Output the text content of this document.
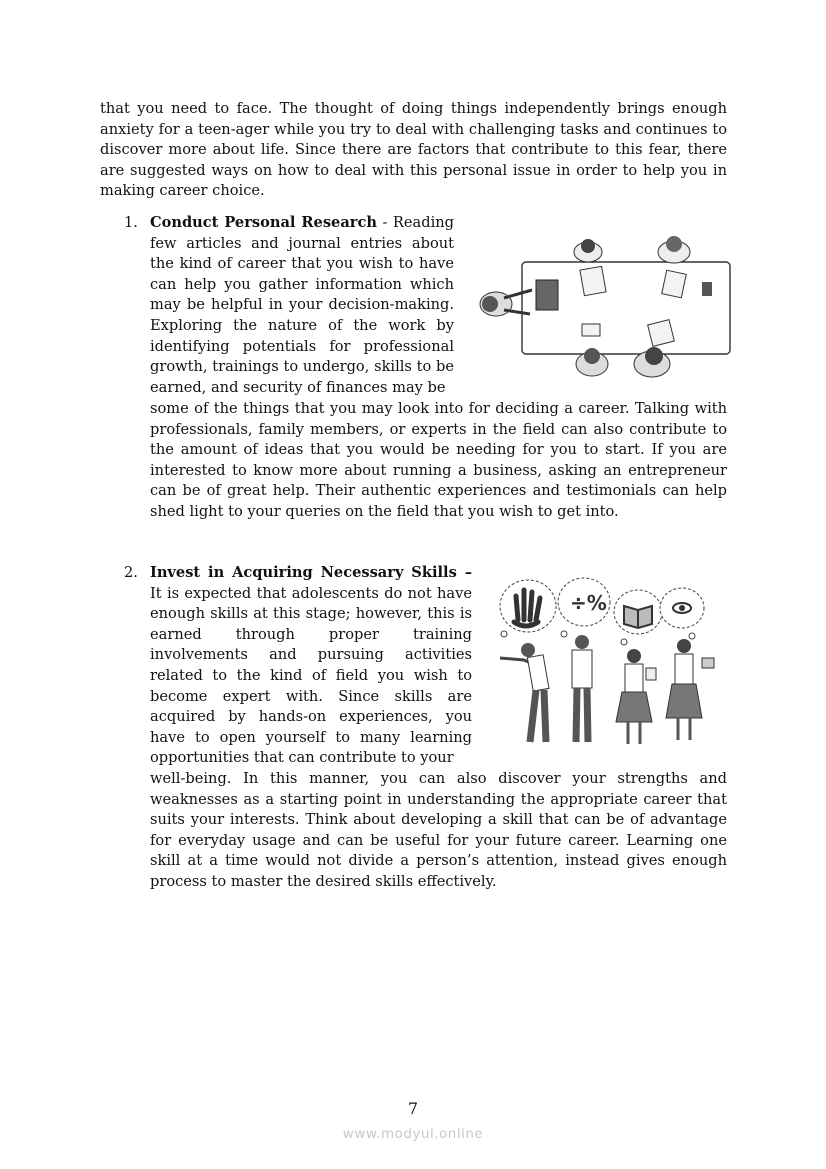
that you need to face. The thought of doing things independently brings enough anxiety for a teen-ager while you try to deal with challenging tasks and continues to discover more about life. Since there are factors that contribute to this fear, there are suggested ways on how to deal with this personal issue in order to help you in making career choice.

1. Conduct Personal Research - Reading few articles and journal entries about the kind of career that you wish to have can help you gather information which may be helpful in your decision-making. Exploring the nature of the work by identifying potentials for professional growth, trainings to undergo, skills to be earned, and security of finances may be

some of the things that you may look into for deciding a career. Talking with professionals, family members, or experts in the field can also contribute to the amount of ideas that you would be needing for you to start. If you are interested to know more about running a business, asking an entrepreneur can be of great help. Their authentic experiences and testimonials can help shed light to your queries on the field that you wish to get into.

2. Invest in Acquiring Necessary Skills – It is expected that adolescents do not have enough skills at this stage; however, this is earned through proper training involvements and pursuing activities related to the kind of field you wish to become expert with. Since skills are acquired by hands-on experiences, you have to open yourself to many learning opportunities that can contribute to your

well-being. In this manner, you can also discover your strengths and weaknesses as a starting point in understanding the appropriate career that suits your interests. Think about developing a skill that can be of advantage for everyday usage and can be useful for your future career. Learning one skill at a time would not divide a person’s attention, instead gives enough process to master the desired skills effectively.

÷%
7
www.modyul.online
